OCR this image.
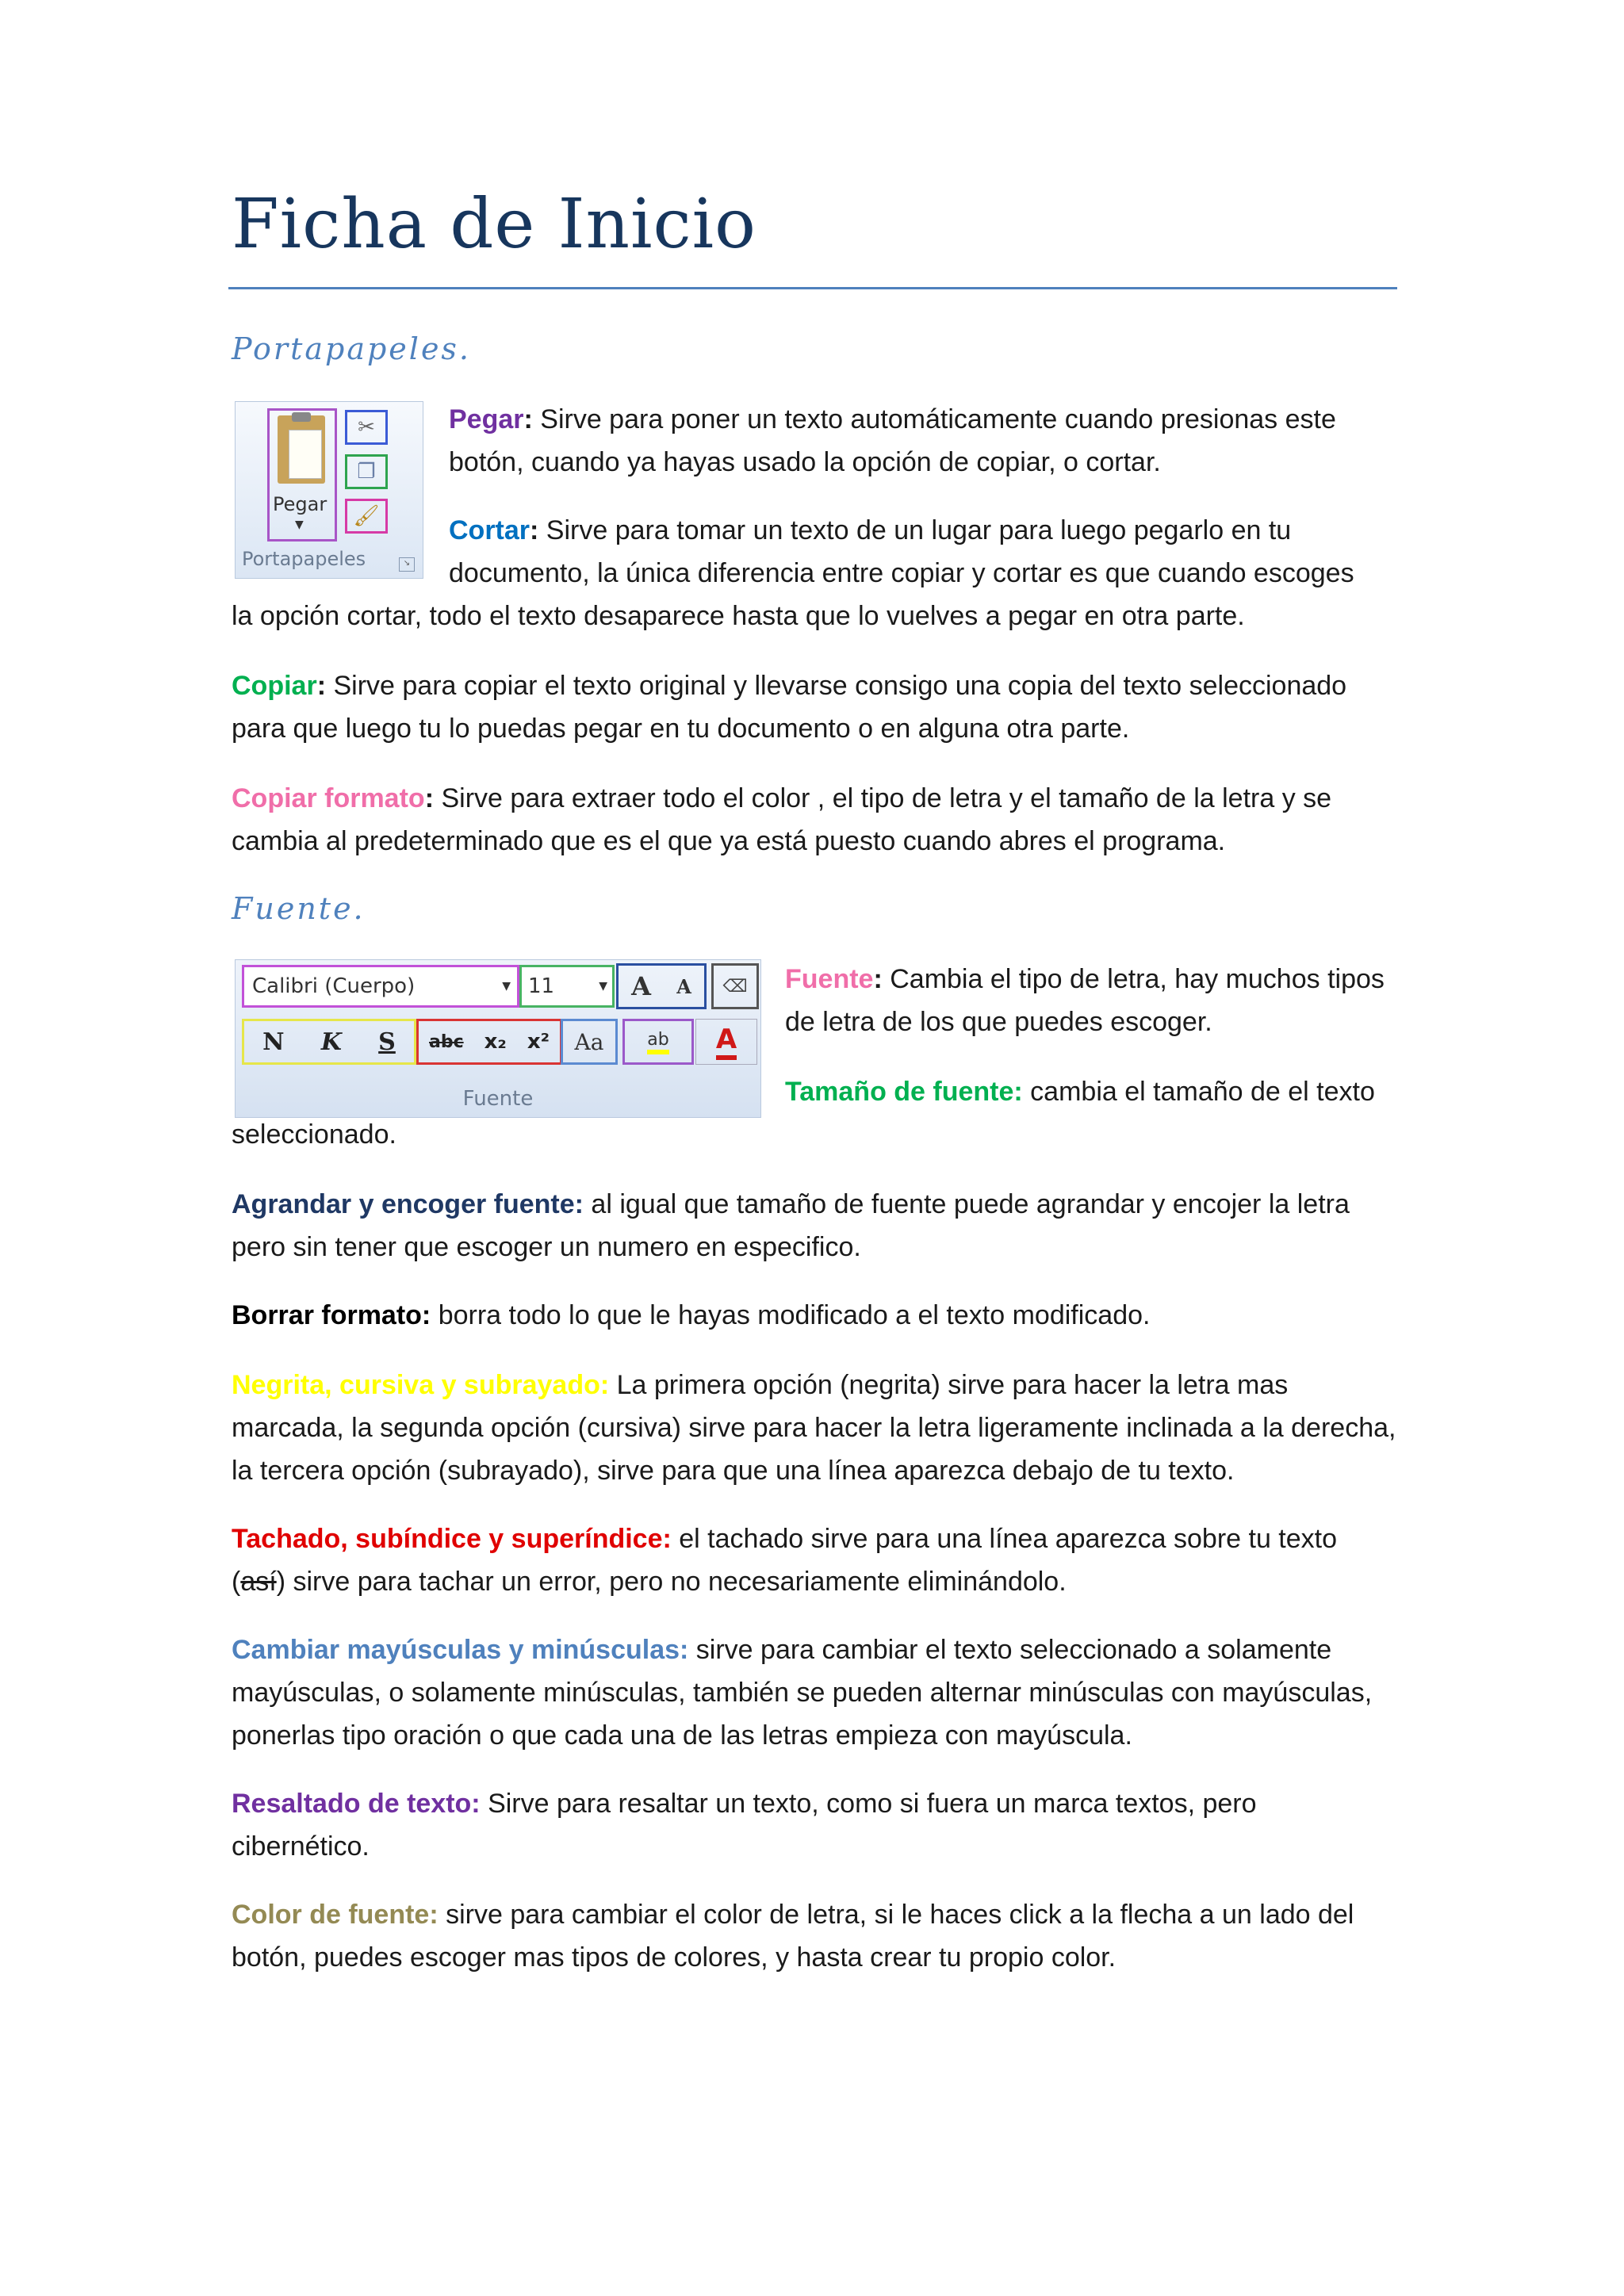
Ficha de Inicio
Portapapeles.
Pegar
▼
✂
❐
🖌
Portapapeles	↘

Pegar: Sirve para poner un texto automáticamente cuando presionas este botón, cuando ya hayas usado la opción de copiar, o cortar.

Cortar: Sirve para tomar un texto de un lugar para luego pegarlo en tu documento, la única diferencia entre copiar y cortar es que cuando escoges

la opción cortar, todo el texto desaparece hasta que lo vuelves a pegar en otra parte.

Copiar: Sirve para copiar el texto original y llevarse consigo una copia del texto seleccionado para que luego tu lo puedas pegar en tu documento o en alguna otra parte.

Copiar formato: Sirve para extraer todo el color , el tipo de letra y el tamaño de la letra y se cambia al predeterminado que es el que ya está puesto cuando abres el programa.

Fuente.
Calibri (Cuerpo)	▼ 11	▼ A A	⌫
N K S abc x₂ x² Aa ab A
Fuente

Fuente: Cambia el tipo de letra, hay muchos tipos de letra de los que puedes escoger.

Tamaño de fuente: cambia el tamaño de el texto

seleccionado.

Agrandar y encoger fuente: al igual que tamaño de fuente puede agrandar y encojer la letra pero sin tener que escoger un numero en especifico.

Borrar formato: borra todo lo que le hayas modificado a el texto modificado.

Negrita, cursiva y subrayado: La primera opción (negrita) sirve para hacer la letra mas marcada, la segunda opción (cursiva) sirve para hacer la letra ligeramente inclinada a la derecha, la tercera opción (subrayado), sirve para que una línea aparezca debajo de tu texto.

Tachado, subíndice y superíndice: el tachado sirve para una línea aparezca sobre tu texto (así) sirve para tachar un error, pero no necesariamente eliminándolo.

Cambiar mayúsculas y minúsculas: sirve para cambiar el texto seleccionado a solamente mayúsculas, o solamente minúsculas, también se pueden alternar minúsculas con mayúsculas, ponerlas tipo oración o que cada una de las letras empieza con mayúscula.

Resaltado de texto: Sirve para resaltar un texto, como si fuera un marca textos, pero cibernético.

Color de fuente: sirve para cambiar el color de letra, si le haces click a la flecha a un lado del botón, puedes escoger mas tipos de colores, y hasta crear tu propio color.
